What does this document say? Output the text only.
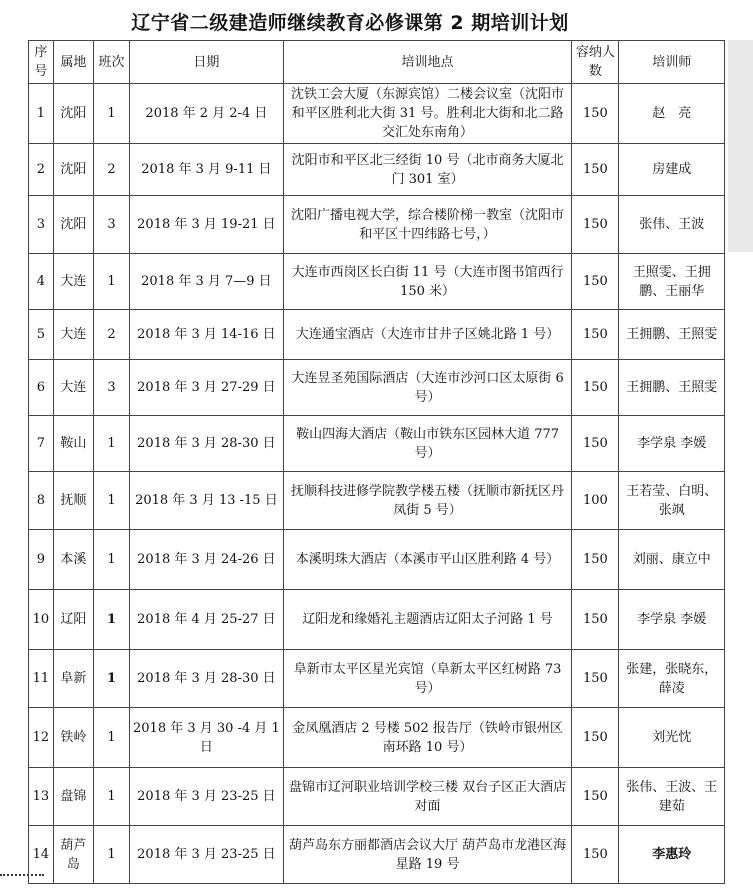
辽宁省二级建造师继续教育必修课第 2 期培训计划
序号	属地	班次	日期	培训地点	容纳人数	培训师
1	沈阳	1	2018 年 2 月 2-4 日	沈铁工会大厦（东源宾馆）二楼会议室（沈阳市和平区胜利北大街 31 号。胜利北大街和北二路交汇处东南角）	150	赵　亮
2	沈阳	2	2018 年 3 月 9-11 日	沈阳市和平区北三经街 10 号（北市商务大厦北门 301 室）	150	房建成
3	沈阳	3	2018 年 3 月 19-21 日	沈阳广播电视大学，综合楼阶梯一教室（沈阳市和平区十四纬路七号，）	150	张伟、王波
4	大连	1	2018 年 3 月 7—9 日	大连市西岗区长白街 11 号（大连市图书馆西行 150 米）	150	王照雯、王拥鹏、王丽华
5	大连	2	2018 年 3 月 14-16 日	大连通宝酒店（大连市甘井子区姚北路 1 号）	150	王拥鹏、王照雯
6	大连	3	2018 年 3 月 27-29 日	大连昱圣苑国际酒店（大连市沙河口区太原街 6 号）	150	王拥鹏、王照雯
7	鞍山	1	2018 年 3 月 28-30 日	鞍山四海大酒店（鞍山市铁东区园林大道 777 号）	150	李学泉 李媛
8	抚顺	1	2018 年 3 月 13 -15 日	抚顺科技进修学院教学楼五楼（抚顺市新抚区丹凤街 5 号）	100	王若莹、白明、张飒
9	本溪	1	2018 年 3 月 24-26 日	本溪明珠大酒店（本溪市平山区胜利路 4 号）	150	刘丽、康立中
10	辽阳	1	2018 年 4 月 25-27 日	辽阳龙和缘婚礼主题酒店辽阳太子河路 1 号	150	李学泉 李媛
11	阜新	1	2018 年 3 月 28-30 日	阜新市太平区星光宾馆（阜新太平区红树路 73 号）	150	张建，张晓东，薛凌
12	铁岭	1	2018 年 3 月 30 -4 月 1 日	金凤凰酒店 2 号楼 502 报告厅（铁岭市银州区南环路 10 号）	150	刘光忱
13	盘锦	1	2018 年 3 月 23-25 日	盘锦市辽河职业培训学校三楼 双台子区正大酒店对面	150	张伟、王波、王建茹
14	葫芦岛	1	2018 年 3 月 23-25 日	葫芦岛东方丽都酒店会议大厅 葫芦岛市龙港区海星路 19 号	150	李惠玲
